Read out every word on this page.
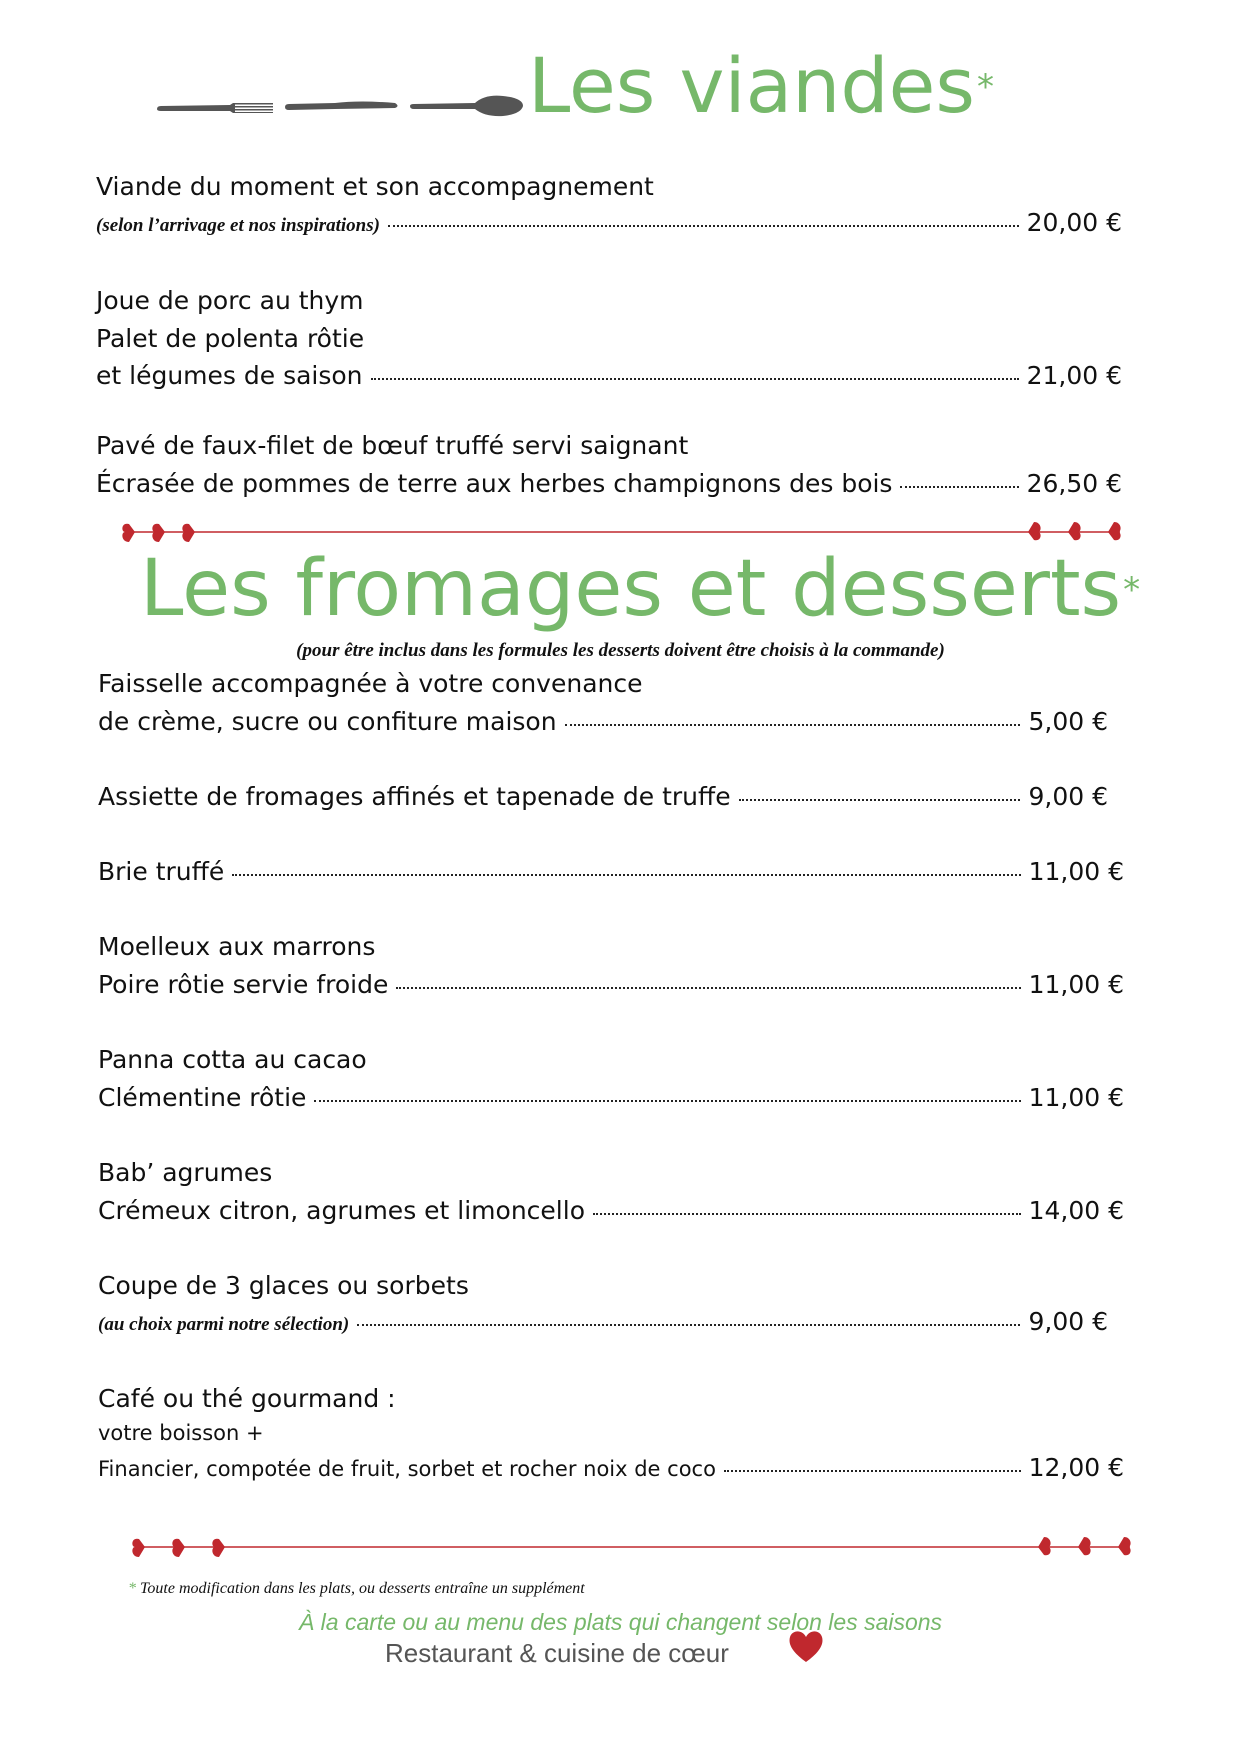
Les viandes*
Viande du moment et son accompagnement
(selon l’arrivage et nos inspirations)	20,00 €
Joue de porc au thym
Palet de polenta rôtie
et légumes de saison	21,00 €
Pavé de faux-filet de bœuf truffé servi saignant
Écrasée de pommes de terre aux herbes champignons des bois	26,50 €
Les fromages et desserts*
(pour être inclus dans les formules les desserts doivent être choisis à la commande)
Faisselle accompagnée à votre convenance
de crème, sucre ou confiture maison	5,00 €
Assiette de fromages affinés et tapenade de truffe	9,00 €
Brie truffé	11,00 €
Moelleux aux marrons
Poire rôtie servie froide	11,00 €
Panna cotta au cacao
Clémentine rôtie	11,00 €
Bab’ agrumes
Crémeux citron, agrumes et limoncello	14,00 €
Coupe de 3 glaces ou sorbets
(au choix parmi notre sélection)	9,00 €
Café ou thé gourmand :
votre boisson +
Financier, compotée de fruit, sorbet et rocher noix de coco	12,00 €
* Toute modification dans les plats, ou desserts entraîne un supplément
À la carte ou au menu des plats qui changent selon les saisons
Restaurant & cuisine de cœur
